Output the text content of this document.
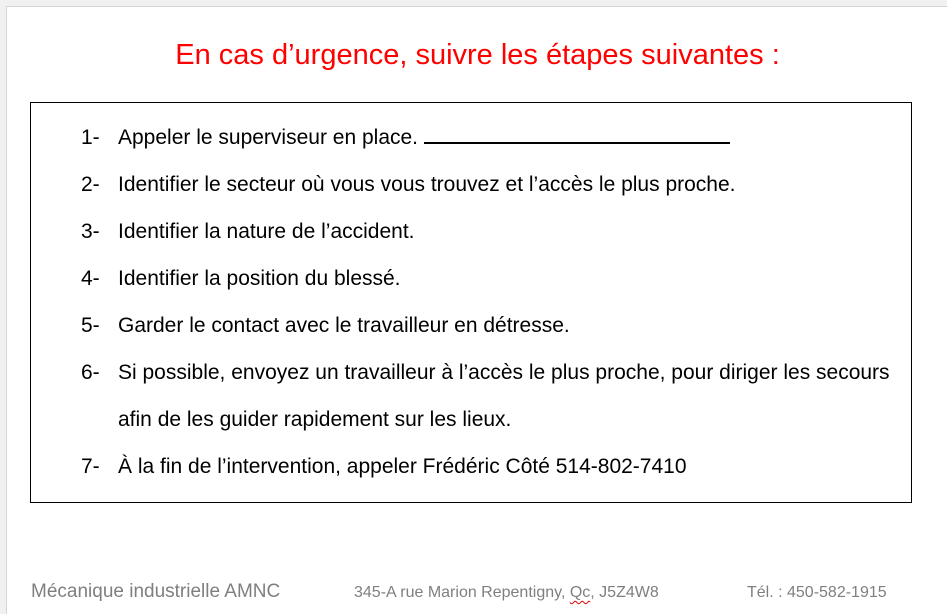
En cas d’urgence, suivre les étapes suivantes :
1- Appeler le superviseur en place.
2- Identifier le secteur où vous vous trouvez et l’accès le plus proche.
3- Identifier la nature de l’accident.
4- Identifier la position du blessé.
5- Garder le contact avec le travailleur en détresse.
6- Si possible, envoyez un travailleur à l’accès le plus proche, pour diriger les secours afin de les guider rapidement sur les lieux.
7- À la fin de l’intervention, appeler Frédéric Côté 514-802-7410
Mécanique industrielle AMNC	345-A rue Marion Repentigny, Qc, J5Z4W8	Tél. : 450-582-1915
